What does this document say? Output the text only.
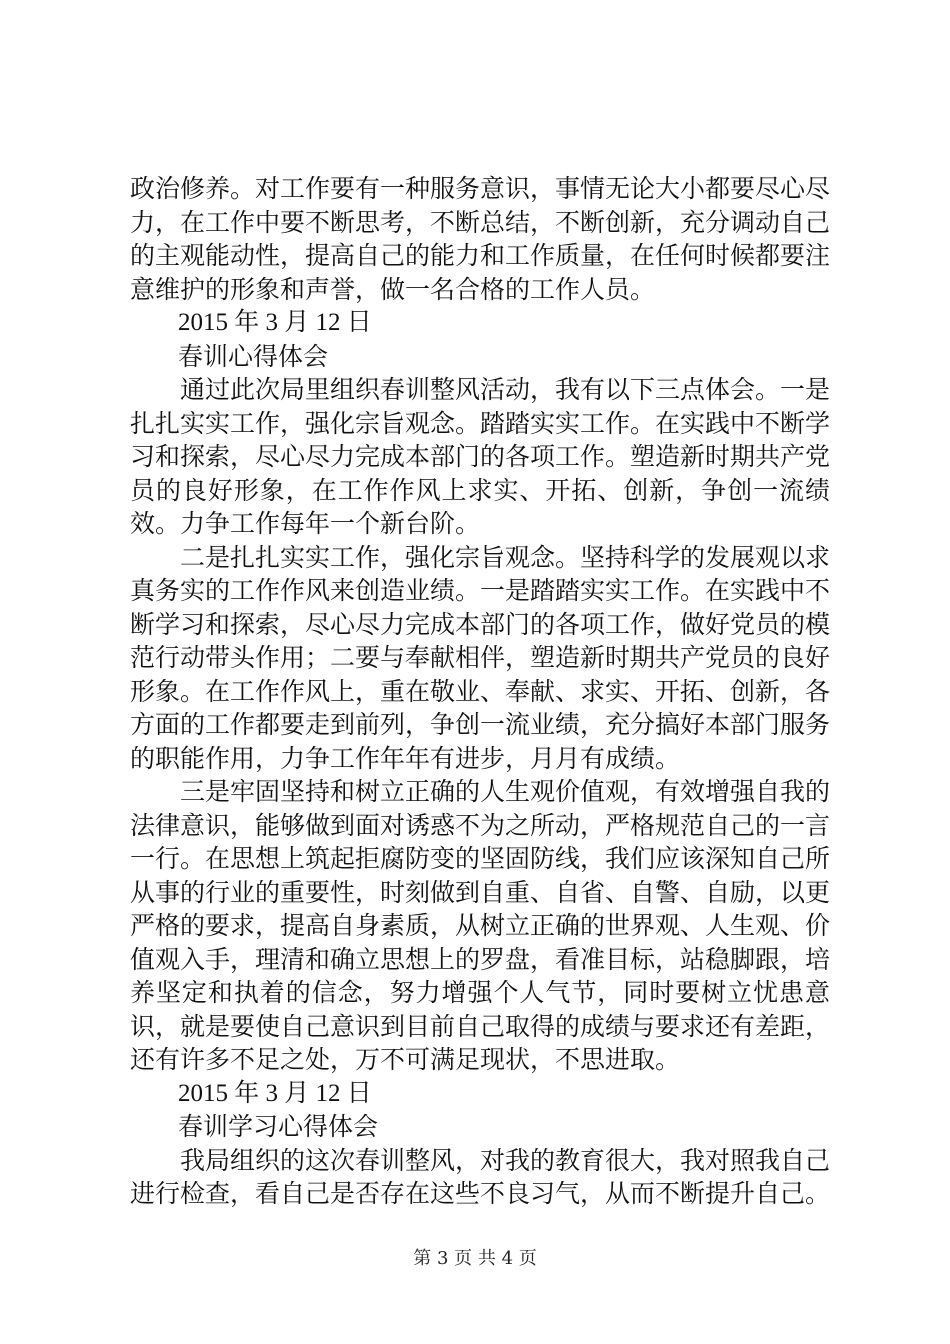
政治修养。对工作要有一种服务意识，事情无论大小都要尽心尽力，在工作中要不断思考，不断总结，不断创新，充分调动自己的主观能动性，提高自己的能力和工作质量，在任何时候都要注意维护的形象和声誉，做一名合格的工作人员。

2015 年 3 月 12 日

春训心得体会

通过此次局里组织春训整风活动，我有以下三点体会。一是扎扎实实工作，强化宗旨观念。踏踏实实工作。在实践中不断学习和探索，尽心尽力完成本部门的各项工作。塑造新时期共产党员的良好形象，在工作作风上求实、开拓、创新，争创一流绩效。力争工作每年一个新台阶。

二是扎扎实实工作，强化宗旨观念。坚持科学的发展观以求真务实的工作作风来创造业绩。一是踏踏实实工作。在实践中不断学习和探索，尽心尽力完成本部门的各项工作，做好党员的模范行动带头作用；二要与奉献相伴，塑造新时期共产党员的良好形象。在工作作风上，重在敬业、奉献、求实、开拓、创新，各方面的工作都要走到前列，争创一流业绩，充分搞好本部门服务的职能作用，力争工作年年有进步，月月有成绩。

三是牢固坚持和树立正确的人生观价值观，有效增强自我的法律意识，能够做到面对诱惑不为之所动，严格规范自己的一言一行。在思想上筑起拒腐防变的坚固防线，我们应该深知自己所从事的行业的重要性，时刻做到自重、自省、自警、自励，以更严格的要求，提高自身素质，从树立正确的世界观、人生观、价值观入手，理清和确立思想上的罗盘，看准目标，站稳脚跟，培养坚定和执着的信念，努力增强个人气节，同时要树立忧患意识，就是要使自己意识到目前自己取得的成绩与要求还有差距，还有许多不足之处，万不可满足现状，不思进取。

2015 年 3 月 12 日

春训学习心得体会

我局组织的这次春训整风，对我的教育很大，我对照我自己进行检查，看自己是否存在这些不良习气，从而不断提升自己。

第 3 页 共 4 页
